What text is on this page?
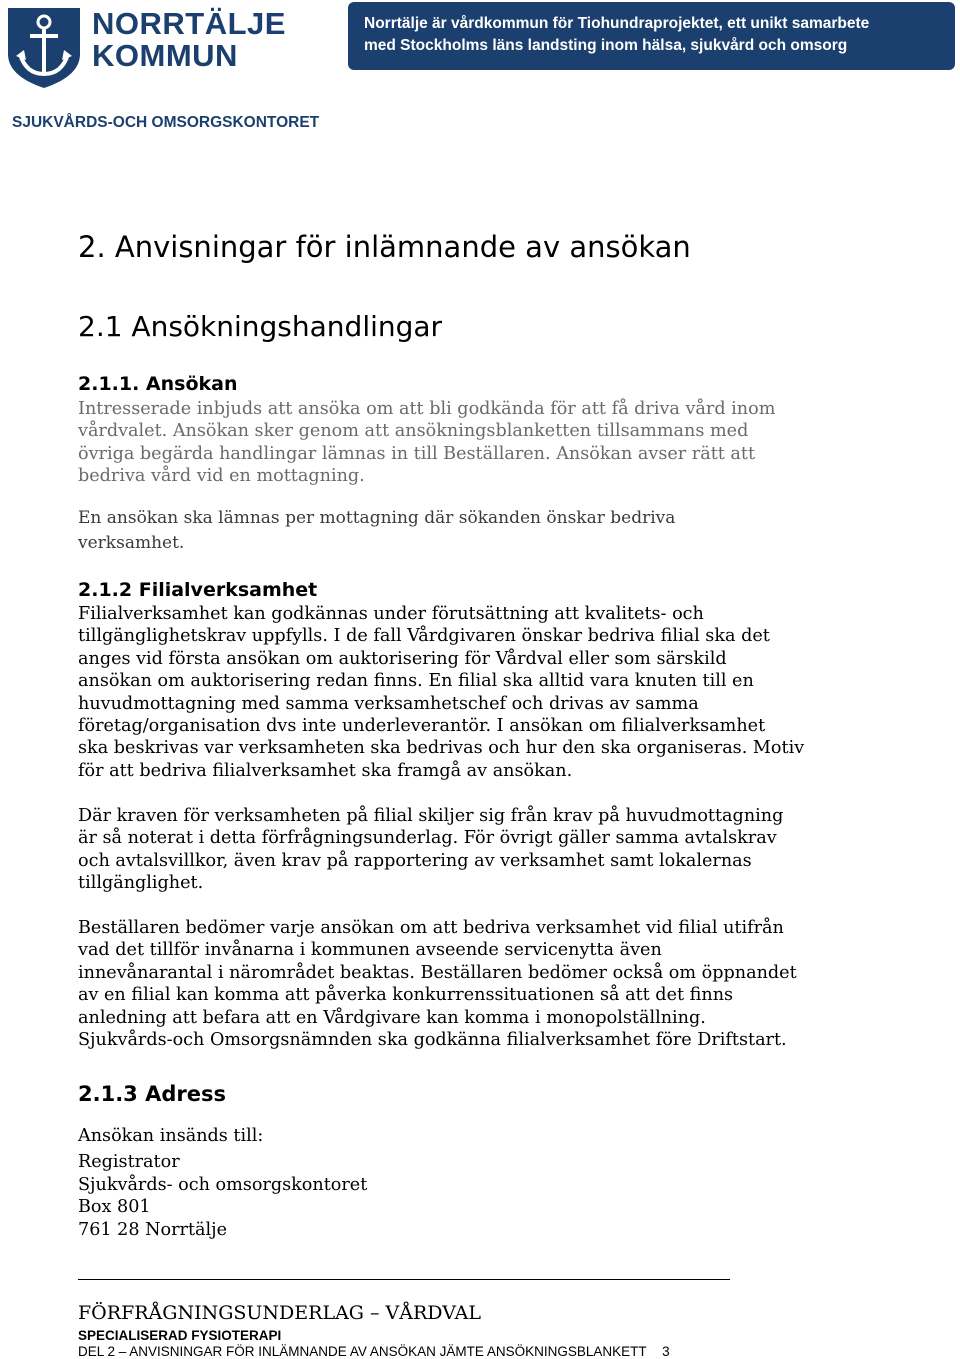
NORRTÄLJE
KOMMUN
Norrtälje är vårdkommun för Tiohundraprojektet, ett unikt samarbete
med Stockholms läns landsting inom hälsa, sjukvård och omsorg
SJUKVÅRDS-OCH OMSORGSKONTORET
2. Anvisningar för inlämnande av ansökan
2.1 Ansökningshandlingar
2.1.1. Ansökan
Intresserade inbjuds att ansöka om att bli godkända för att få driva vård inom
vårdvalet. Ansökan sker genom att ansökningsblanketten tillsammans med
övriga begärda handlingar lämnas in till Beställaren. Ansökan avser rätt att
bedriva vård vid en mottagning.
En ansökan ska lämnas per mottagning där sökanden önskar bedriva
verksamhet.
2.1.2 Filialverksamhet
Filialverksamhet kan godkännas under förutsättning att kvalitets- och
tillgänglighetskrav uppfylls. I de fall Vårdgivaren önskar bedriva filial ska det
anges vid första ansökan om auktorisering för Vårdval eller som särskild
ansökan om auktorisering redan finns. En filial ska alltid vara knuten till en
huvudmottagning med samma verksamhetschef och drivas av samma
företag/organisation dvs inte underleverantör. I ansökan om filialverksamhet
ska beskrivas var verksamheten ska bedrivas och hur den ska organiseras. Motiv
för att bedriva filialverksamhet ska framgå av ansökan.
Där kraven för verksamheten på filial skiljer sig från krav på huvudmottagning
är så noterat i detta förfrågningsunderlag. För övrigt gäller samma avtalskrav
och avtalsvillkor, även krav på rapportering av verksamhet samt lokalernas
tillgänglighet.
Beställaren bedömer varje ansökan om att bedriva verksamhet vid filial utifrån
vad det tillför invånarna i kommunen avseende servicenytta även
innevånarantal i närområdet beaktas. Beställaren bedömer också om öppnandet
av en filial kan komma att påverka konkurrenssituationen så att det finns
anledning att befara att en Vårdgivare kan komma i monopolställning.
Sjukvårds-och Omsorgsnämnden ska godkänna filialverksamhet före Driftstart.
2.1.3 Adress
Ansökan insänds till:
Registrator
Sjukvårds- och omsorgskontoret
Box 801
761 28 Norrtälje
FÖRFRÅGNINGSUNDERLAG – VÅRDVAL
SPECIALISERAD FYSIOTERAPI
DEL 2 – ANVISNINGAR FÖR INLÄMNANDE AV ANSÖKAN JÄMTE ANSÖKNINGSBLANKETT 3
